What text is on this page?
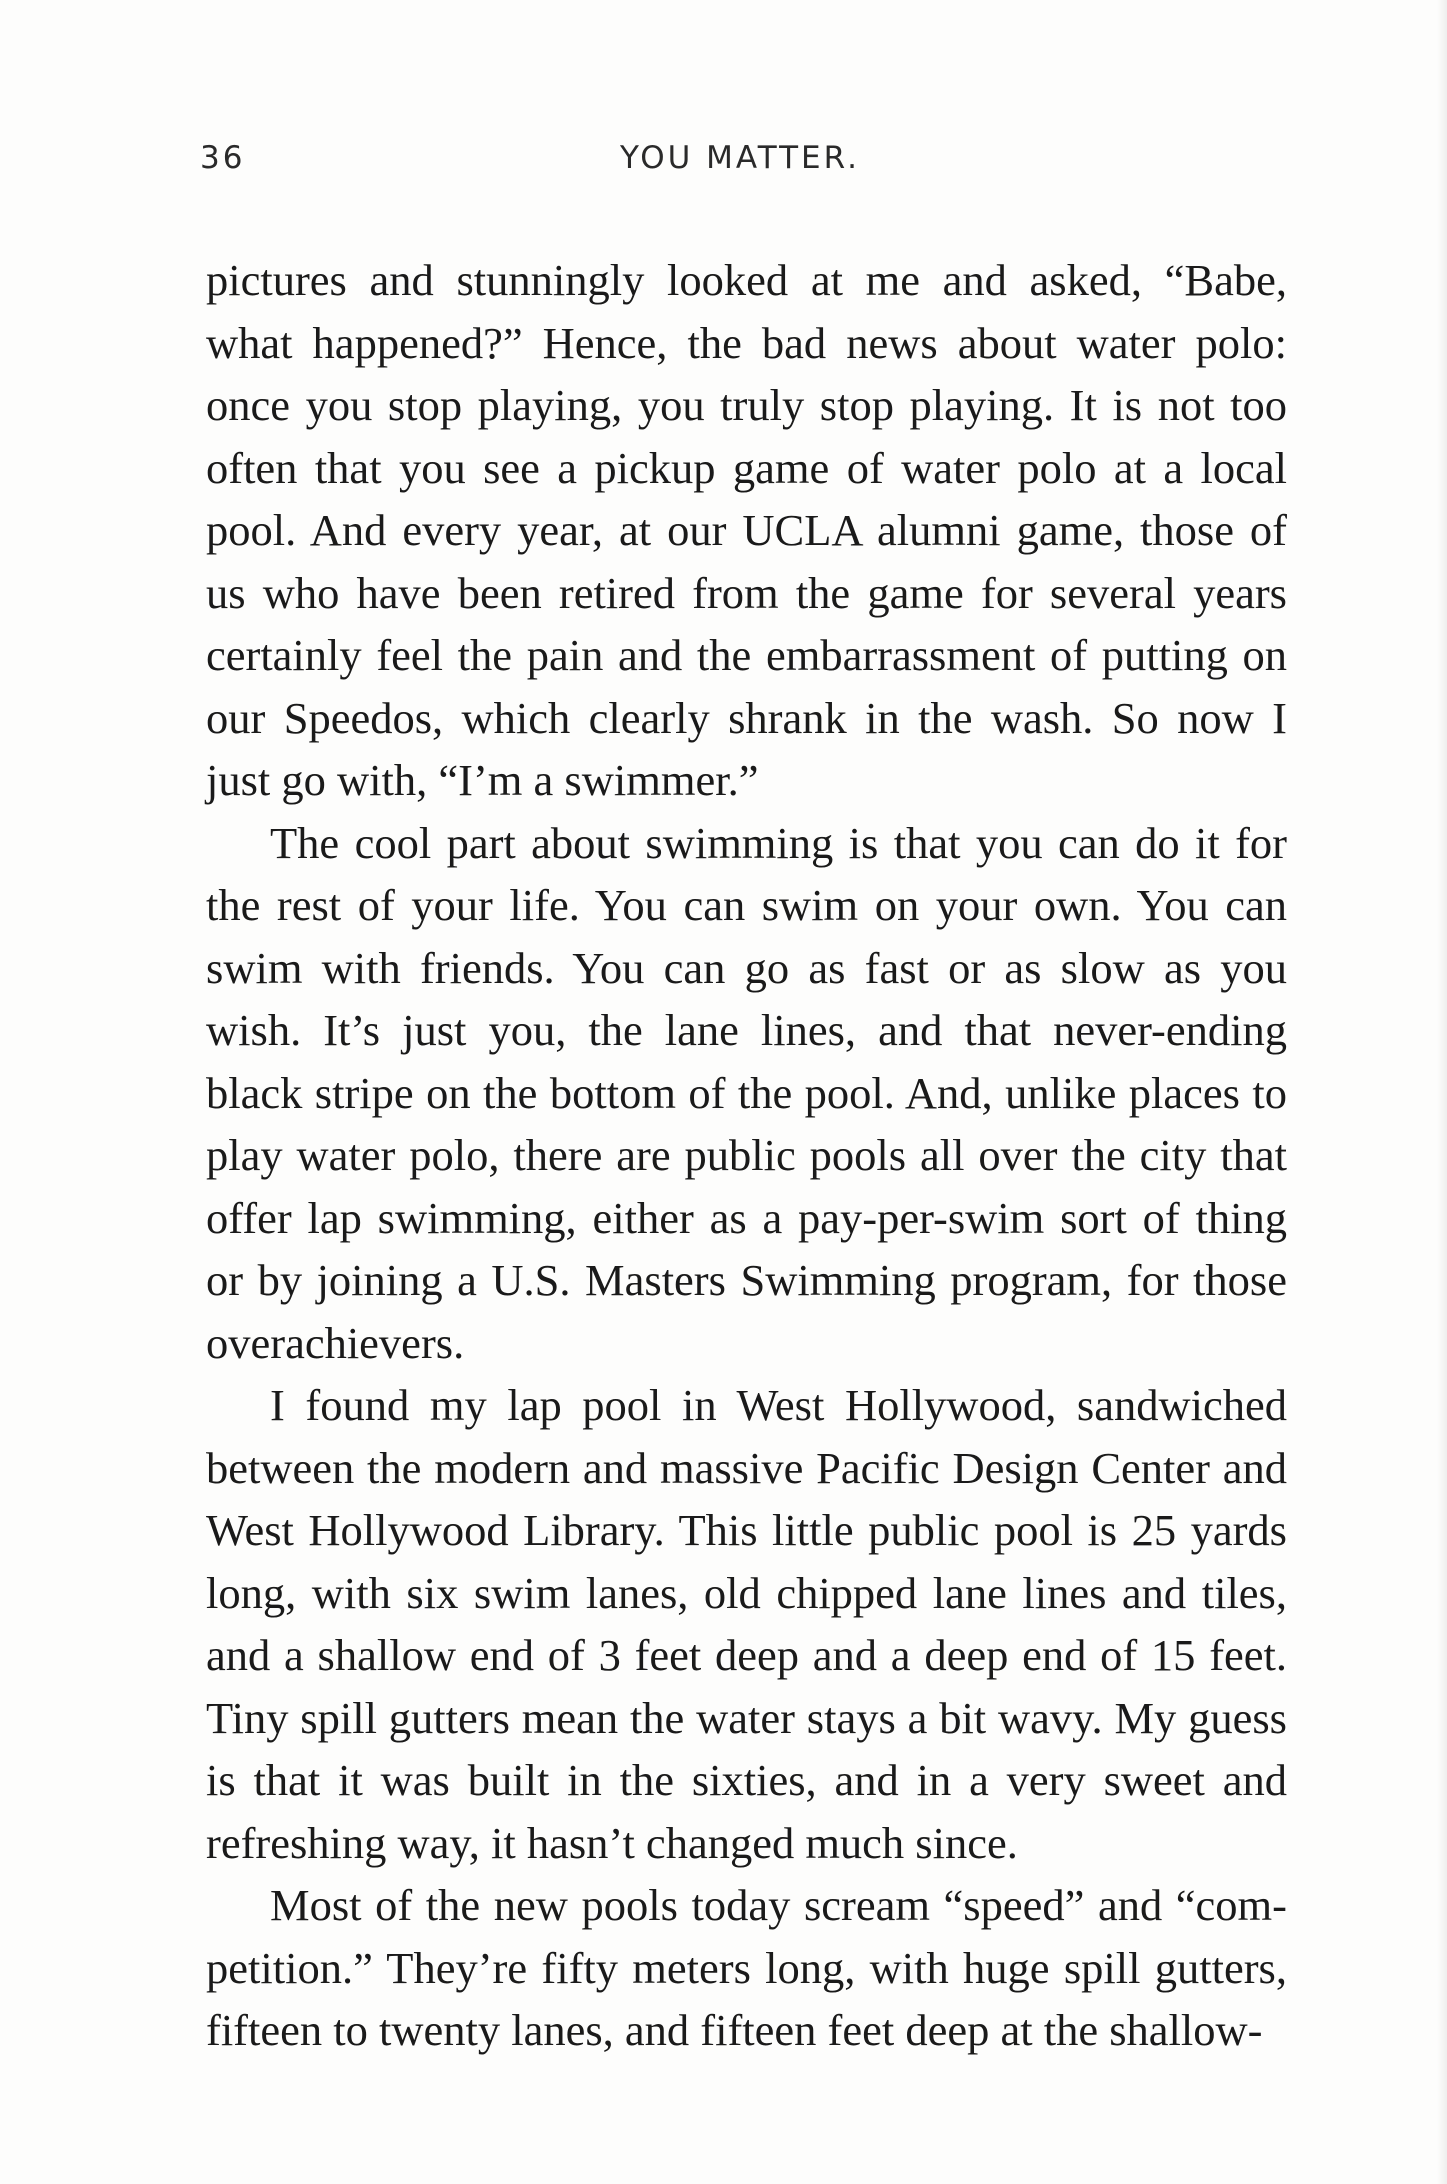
36	YOU MATTER.

pictures and stunningly looked at me and asked, “Babe, what happened?” Hence, the bad news about water polo: once you stop playing, you truly stop playing. It is not too often that you see a pickup game of water polo at a local pool. And every year, at our UCLA alumni game, those of us who have been retired from the game for several years certainly feel the pain and the embarrassment of putting on our Speedos, which clearly shrank in the wash. So now I just go with, “I’m a swimmer.”

The cool part about swimming is that you can do it for the rest of your life. You can swim on your own. You can swim with friends. You can go as fast or as slow as you wish. It’s just you, the lane lines, and that never-ending black stripe on the bottom of the pool. And, unlike places to play water polo, there are public pools all over the city that offer lap swimming, either as a pay-per-swim sort of thing or by joining a U.S. Masters Swimming program, for those overachievers.

I found my lap pool in West Hollywood, sandwiched between the modern and massive Pacific Design Center and West Hollywood Library. This little public pool is 25 yards long, with six swim lanes, old chipped lane lines and tiles, and a shallow end of 3 feet deep and a deep end of 15 feet. Tiny spill gutters mean the water stays a bit wavy. My guess is that it was built in the sixties, and in a very sweet and refreshing way, it hasn’t changed much since.

Most of the new pools today scream “speed” and “competition.” They’re fifty meters long, with huge spill gutters, fifteen to twenty lanes, and fifteen feet deep at the shallow-
